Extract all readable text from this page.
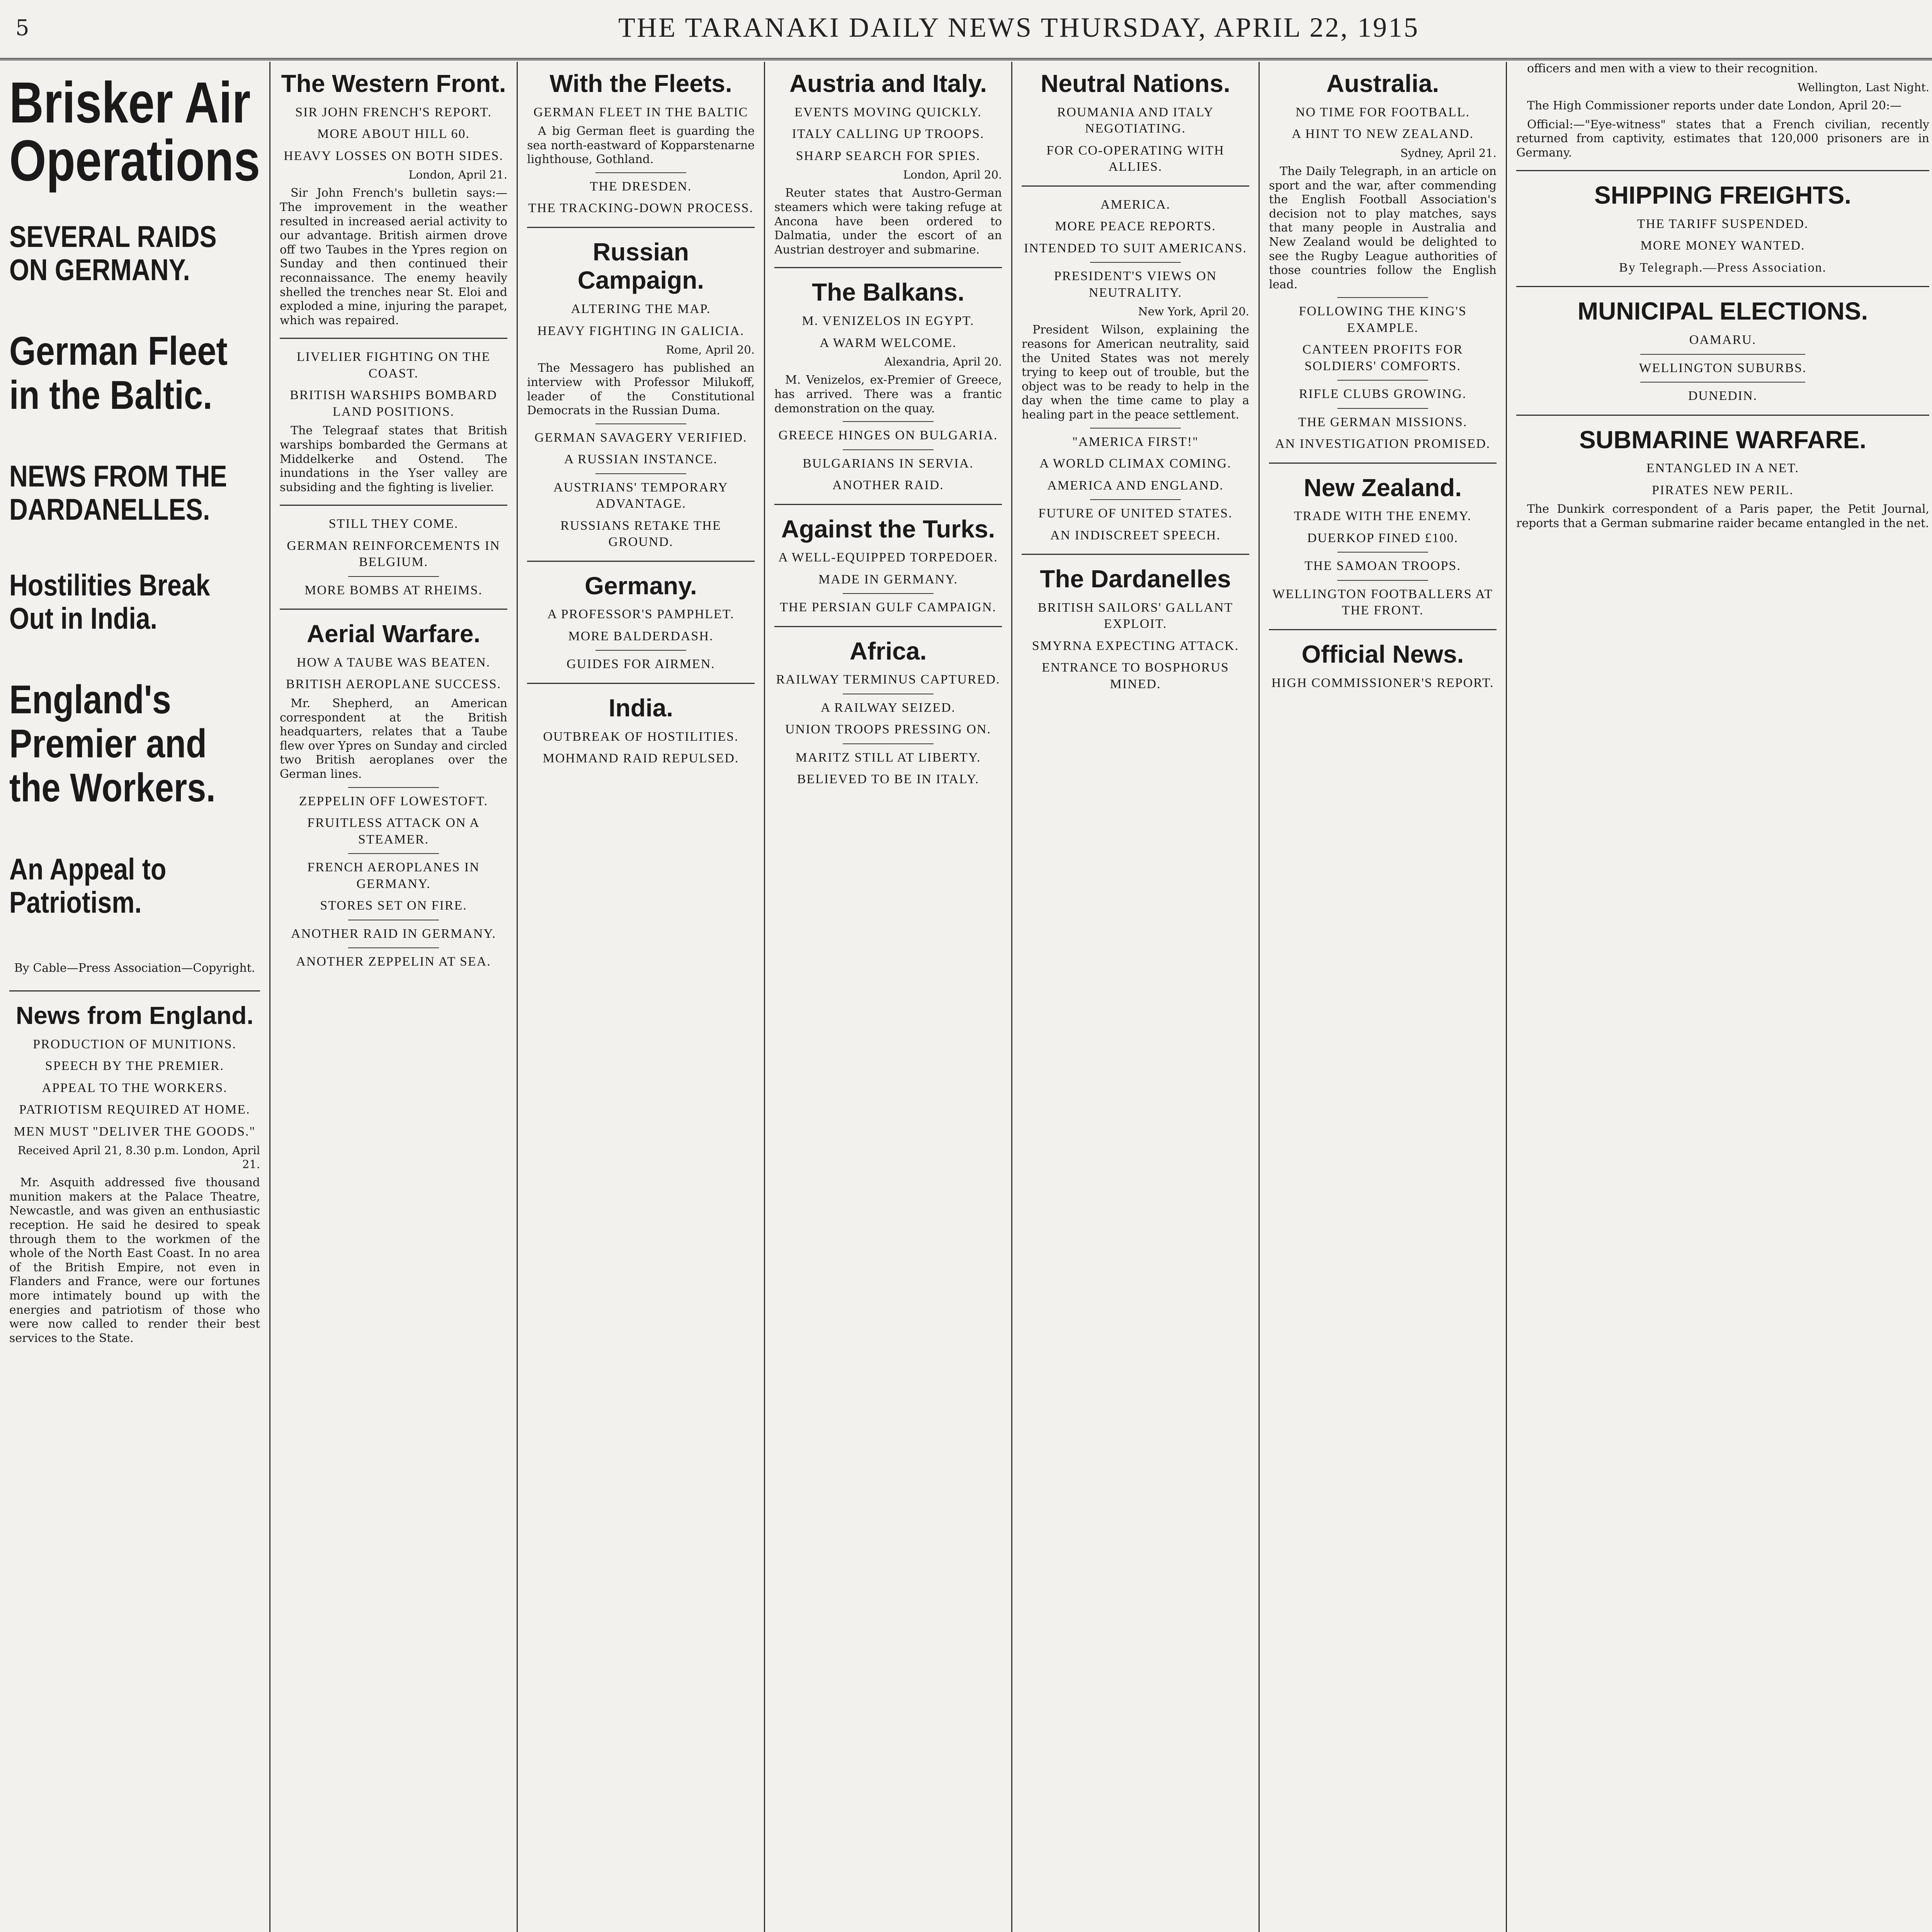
5	THE TARANAKI DAILY NEWS THURSDAY, APRIL 22, 1915
Brisker Air Operations
SEVERAL RAIDS ON GERMANY.
German Fleet in the Baltic.
NEWS FROM THE DARDANELLES.
Hostilities Break Out in India.
England's Premier and the Workers.
An Appeal to Patriotism.
By Cable—Press Association—Copyright.
News from England.
PRODUCTION OF MUNITIONS.
SPEECH BY THE PREMIER.
APPEAL TO THE WORKERS.
PATRIOTISM REQUIRED AT HOME.
MEN MUST "DELIVER THE GOODS."

Received April 21, 8.30 p.m. London, April 21.

Mr. Asquith addressed five thousand munition makers at the Palace Theatre, Newcastle, and was given an enthusiastic reception. He said he desired to speak through them to the workmen of the whole of the North East Coast. In no area of the British Empire, not even in Flanders and France, were our fortunes more intimately bound up with the energies and patriotism of those who were now called to render their best services to the State.

The Western Front.
SIR JOHN FRENCH'S REPORT.
MORE ABOUT HILL 60.
HEAVY LOSSES ON BOTH SIDES.

London, April 21.

Sir John French's bulletin says:—The improvement in the weather resulted in increased aerial activity to our advantage. British airmen drove off two Taubes in the Ypres region on Sunday and then continued their reconnaissance. The enemy heavily shelled the trenches near St. Eloi and exploded a mine, injuring the parapet, which was repaired.

LIVELIER FIGHTING ON THE COAST.
BRITISH WARSHIPS BOMBARD LAND POSITIONS.

The Telegraaf states that British warships bombarded the Germans at Middelkerke and Ostend. The inundations in the Yser valley are subsiding and the fighting is livelier.

STILL THEY COME.
GERMAN REINFORCEMENTS IN BELGIUM.
MORE BOMBS AT RHEIMS.
Aerial Warfare.
HOW A TAUBE WAS BEATEN.
BRITISH AEROPLANE SUCCESS.

Mr. Shepherd, an American correspondent at the British headquarters, relates that a Taube flew over Ypres on Sunday and circled two British aeroplanes over the German lines.

ZEPPELIN OFF LOWESTOFT.
FRUITLESS ATTACK ON A STEAMER.
FRENCH AEROPLANES IN GERMANY.
STORES SET ON FIRE.
ANOTHER RAID IN GERMANY.
ANOTHER ZEPPELIN AT SEA.
With the Fleets.
GERMAN FLEET IN THE BALTIC

A big German fleet is guarding the sea north-eastward of Kopparstenarne lighthouse, Gothland.

THE DRESDEN.
THE TRACKING-DOWN PROCESS.
Russian Campaign.
ALTERING THE MAP.
HEAVY FIGHTING IN GALICIA.

Rome, April 20.

The Messagero has published an interview with Professor Milukoff, leader of the Constitutional Democrats in the Russian Duma.

GERMAN SAVAGERY VERIFIED.
A RUSSIAN INSTANCE.
AUSTRIANS' TEMPORARY ADVANTAGE.
RUSSIANS RETAKE THE GROUND.
Germany.
A PROFESSOR'S PAMPHLET.
MORE BALDERDASH.
GUIDES FOR AIRMEN.
India.
OUTBREAK OF HOSTILITIES.
MOHMAND RAID REPULSED.
Austria and Italy.
EVENTS MOVING QUICKLY.
ITALY CALLING UP TROOPS.
SHARP SEARCH FOR SPIES.

London, April 20.

Reuter states that Austro-German steamers which were taking refuge at Ancona have been ordered to Dalmatia, under the escort of an Austrian destroyer and submarine.

The Balkans.
M. VENIZELOS IN EGYPT.
A WARM WELCOME.

Alexandria, April 20.

M. Venizelos, ex-Premier of Greece, has arrived. There was a frantic demonstration on the quay.

GREECE HINGES ON BULGARIA.
BULGARIANS IN SERVIA.
ANOTHER RAID.
Against the Turks.
A WELL-EQUIPPED TORPEDOER.
MADE IN GERMANY.
THE PERSIAN GULF CAMPAIGN.
Africa.
RAILWAY TERMINUS CAPTURED.
A RAILWAY SEIZED.
UNION TROOPS PRESSING ON.
MARITZ STILL AT LIBERTY.
BELIEVED TO BE IN ITALY.
Neutral Nations.
ROUMANIA AND ITALY NEGOTIATING.
FOR CO-OPERATING WITH ALLIES.
AMERICA.
MORE PEACE REPORTS.
INTENDED TO SUIT AMERICANS.
PRESIDENT'S VIEWS ON NEUTRALITY.

New York, April 20.

President Wilson, explaining the reasons for American neutrality, said the United States was not merely trying to keep out of trouble, but the object was to be ready to help in the day when the time came to play a healing part in the peace settlement.

"AMERICA FIRST!"
A WORLD CLIMAX COMING.
AMERICA AND ENGLAND.
FUTURE OF UNITED STATES.
AN INDISCREET SPEECH.
The Dardanelles
BRITISH SAILORS' GALLANT EXPLOIT.
SMYRNA EXPECTING ATTACK.
ENTRANCE TO BOSPHORUS MINED.
Australia.
NO TIME FOR FOOTBALL.
A HINT TO NEW ZEALAND.

Sydney, April 21.

The Daily Telegraph, in an article on sport and the war, after commending the English Football Association's decision not to play matches, says that many people in Australia and New Zealand would be delighted to see the Rugby League authorities of those countries follow the English lead.

FOLLOWING THE KING'S EXAMPLE.
CANTEEN PROFITS FOR SOLDIERS' COMFORTS.
RIFLE CLUBS GROWING.
THE GERMAN MISSIONS.
AN INVESTIGATION PROMISED.
New Zealand.
TRADE WITH THE ENEMY.
DUERKOP FINED £100.
THE SAMOAN TROOPS.
WELLINGTON FOOTBALLERS AT THE FRONT.
Official News.
HIGH COMMISSIONER'S REPORT.

officers and men with a view to their recognition.

Wellington, Last Night.

The High Commissioner reports under date London, April 20:—

Official:—"Eye-witness" states that a French civilian, recently returned from captivity, estimates that 120,000 prisoners are in Germany.

SHIPPING FREIGHTS.
THE TARIFF SUSPENDED.
MORE MONEY WANTED.
By Telegraph.—Press Association.
MUNICIPAL ELECTIONS.
OAMARU.
WELLINGTON SUBURBS.
DUNEDIN.
SUBMARINE WARFARE.
ENTANGLED IN A NET.
PIRATES NEW PERIL.

The Dunkirk correspondent of a Paris paper, the Petit Journal, reports that a German submarine raider became entangled in the net.
